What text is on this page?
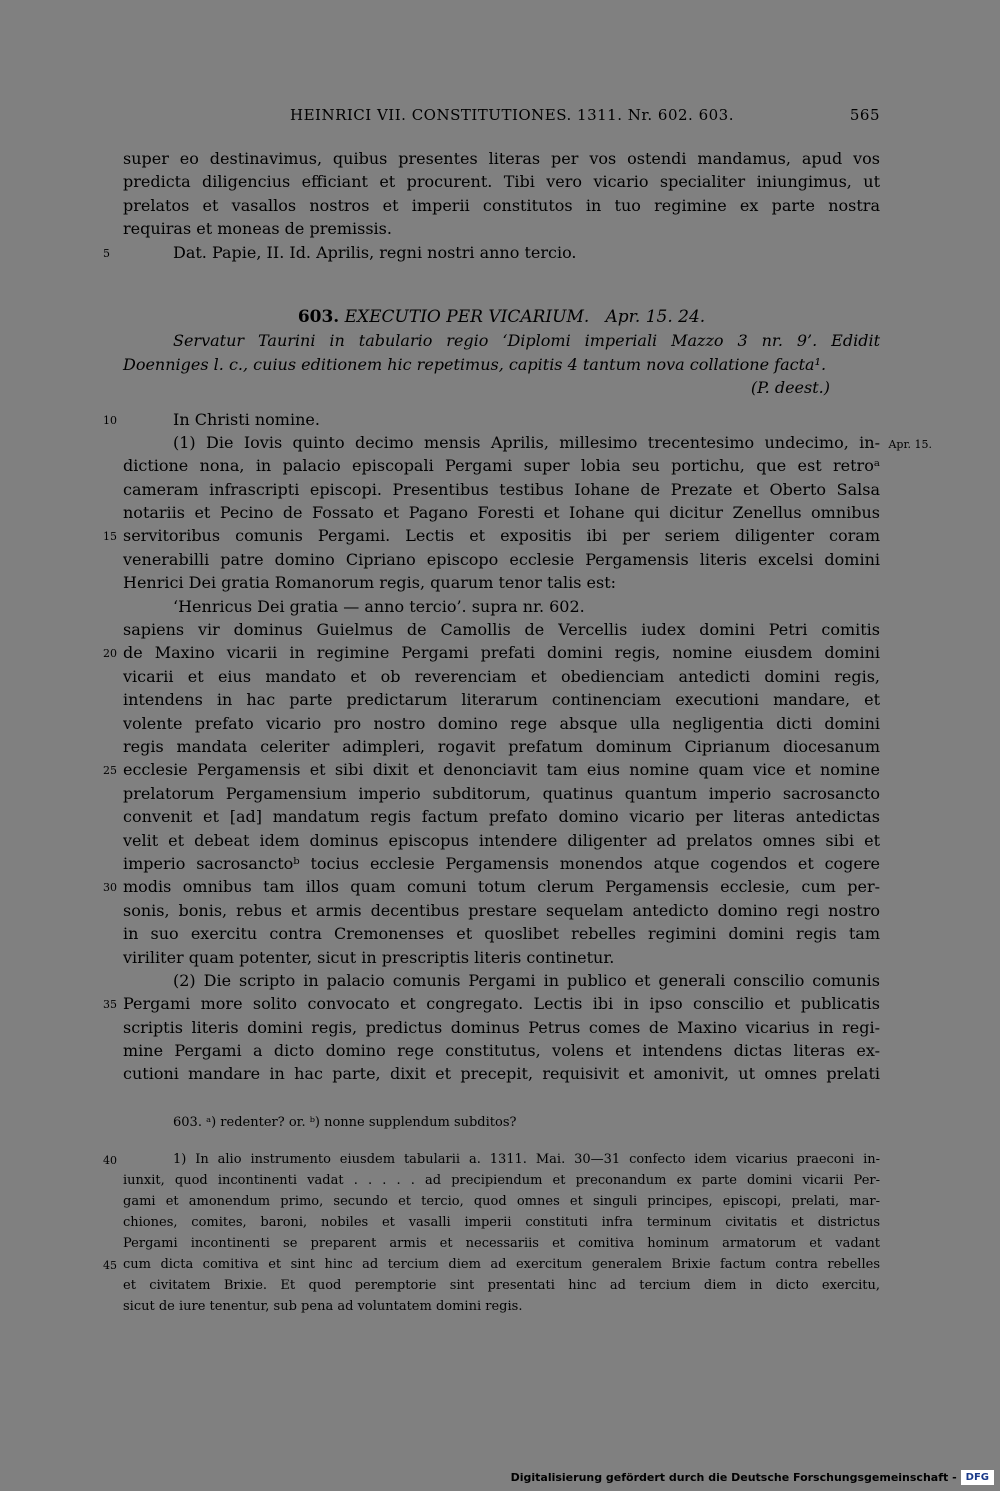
HEINRICI VII. CONSTITUTIONES. 1311. Nr. 602. 603.	565
super eo destinavimus, quibus presentes literas per vos ostendi mandamus, apud vos
predicta diligencius efficiant et procurent. Tibi vero vicario specialiter iniungimus, ut
prelatos et vasallos nostros et imperii constitutos in tuo regimine ex parte nostra
requiras et moneas de premissis.
5	Dat. Papie, II. Id. Aprilis, regni nostri anno tercio.
603. EXECUTIO PER VICARIUM. Apr. 15. 24.
Servatur Taurini in tabulario regio ‘Diplomi imperiali Mazzo 3 nr. 9’. Edidit
Doenniges l. c., cuius editionem hic repetimus, capitis 4 tantum nova collatione facta¹.
(P. deest.)
10	In Christi nomine.
Apr. 15.
(1) Die Iovis quinto decimo mensis Aprilis, millesimo trecentesimo undecimo, in-
dictione nona, in palacio episcopali Pergami super lobia seu portichu, que est retroᵃ
cameram infrascripti episcopi. Presentibus testibus Iohane de Prezate et Oberto Salsa
notariis et Pecino de Fossato et Pagano Foresti et Iohane qui dicitur Zenellus omnibus
15 servitoribus comunis Pergami. Lectis et expositis ibi per seriem diligenter coram
venerabilli patre domino Cipriano episcopo ecclesie Pergamensis literis excelsi domini
Henrici Dei gratia Romanorum regis, quarum tenor talis est:
‘Henricus Dei gratia — anno tercio’. supra nr. 602.
sapiens vir dominus Guielmus de Camollis de Vercellis iudex domini Petri comitis
20 de Maxino vicarii in regimine Pergami prefati domini regis, nomine eiusdem domini
vicarii et eius mandato et ob reverenciam et obedienciam antedicti domini regis,
intendens in hac parte predictarum literarum continenciam executioni mandare, et
volente prefato vicario pro nostro domino rege absque ulla negligentia dicti domini
regis mandata celeriter adimpleri, rogavit prefatum dominum Ciprianum diocesanum
25 ecclesie Pergamensis et sibi dixit et denonciavit tam eius nomine quam vice et nomine
prelatorum Pergamensium imperio subditorum, quatinus quantum imperio sacrosancto
convenit et [ad] mandatum regis factum prefato domino vicario per literas antedictas
velit et debeat idem dominus episcopus intendere diligenter ad prelatos omnes sibi et
imperio sacrosanctoᵇ tocius ecclesie Pergamensis monendos atque cogendos et cogere
30 modis omnibus tam illos quam comuni totum clerum Pergamensis ecclesie, cum per-
sonis, bonis, rebus et armis decentibus prestare sequelam antedicto domino regi nostro
in suo exercitu contra Cremonenses et quoslibet rebelles regimini domini regis tam
viriliter quam potenter, sicut in prescriptis literis continetur.
(2) Die scripto in palacio comunis Pergami in publico et generali conscilio comunis
35 Pergami more solito convocato et congregato. Lectis ibi in ipso conscilio et publicatis
scriptis literis domini regis, predictus dominus Petrus comes de Maxino vicarius in regi-
mine Pergami a dicto domino rege constitutus, volens et intendens dictas literas ex-
cutioni mandare in hac parte, dixit et precepit, requisivit et amonivit, ut omnes prelati
603. ᵃ) redenter? or. ᵇ) nonne supplendum subditos?
40	1) In alio instrumento eiusdem tabularii a. 1311. Mai. 30—31 confecto idem vicarius praeconi in-
iunxit, quod incontinenti vadat . . . . . ad precipiendum et preconandum ex parte domini vicarii Per-
gami et amonendum primo, secundo et tercio, quod omnes et singuli principes, episcopi, prelati, mar-
chiones, comites, baroni, nobiles et vasalli imperii constituti infra terminum civitatis et districtus
Pergami incontinenti se preparent armis et necessariis et comitiva hominum armatorum et vadant
45 cum dicta comitiva et sint hinc ad tercium diem ad exercitum generalem Brixie factum contra rebelles
et civitatem Brixie. Et quod peremptorie sint presentati hinc ad tercium diem in dicto exercitu,
sicut de iure tenentur, sub pena ad voluntatem domini regis.
Digitalisierung gefördert durch die Deutsche Forschungsgemeinschaft - DFG
